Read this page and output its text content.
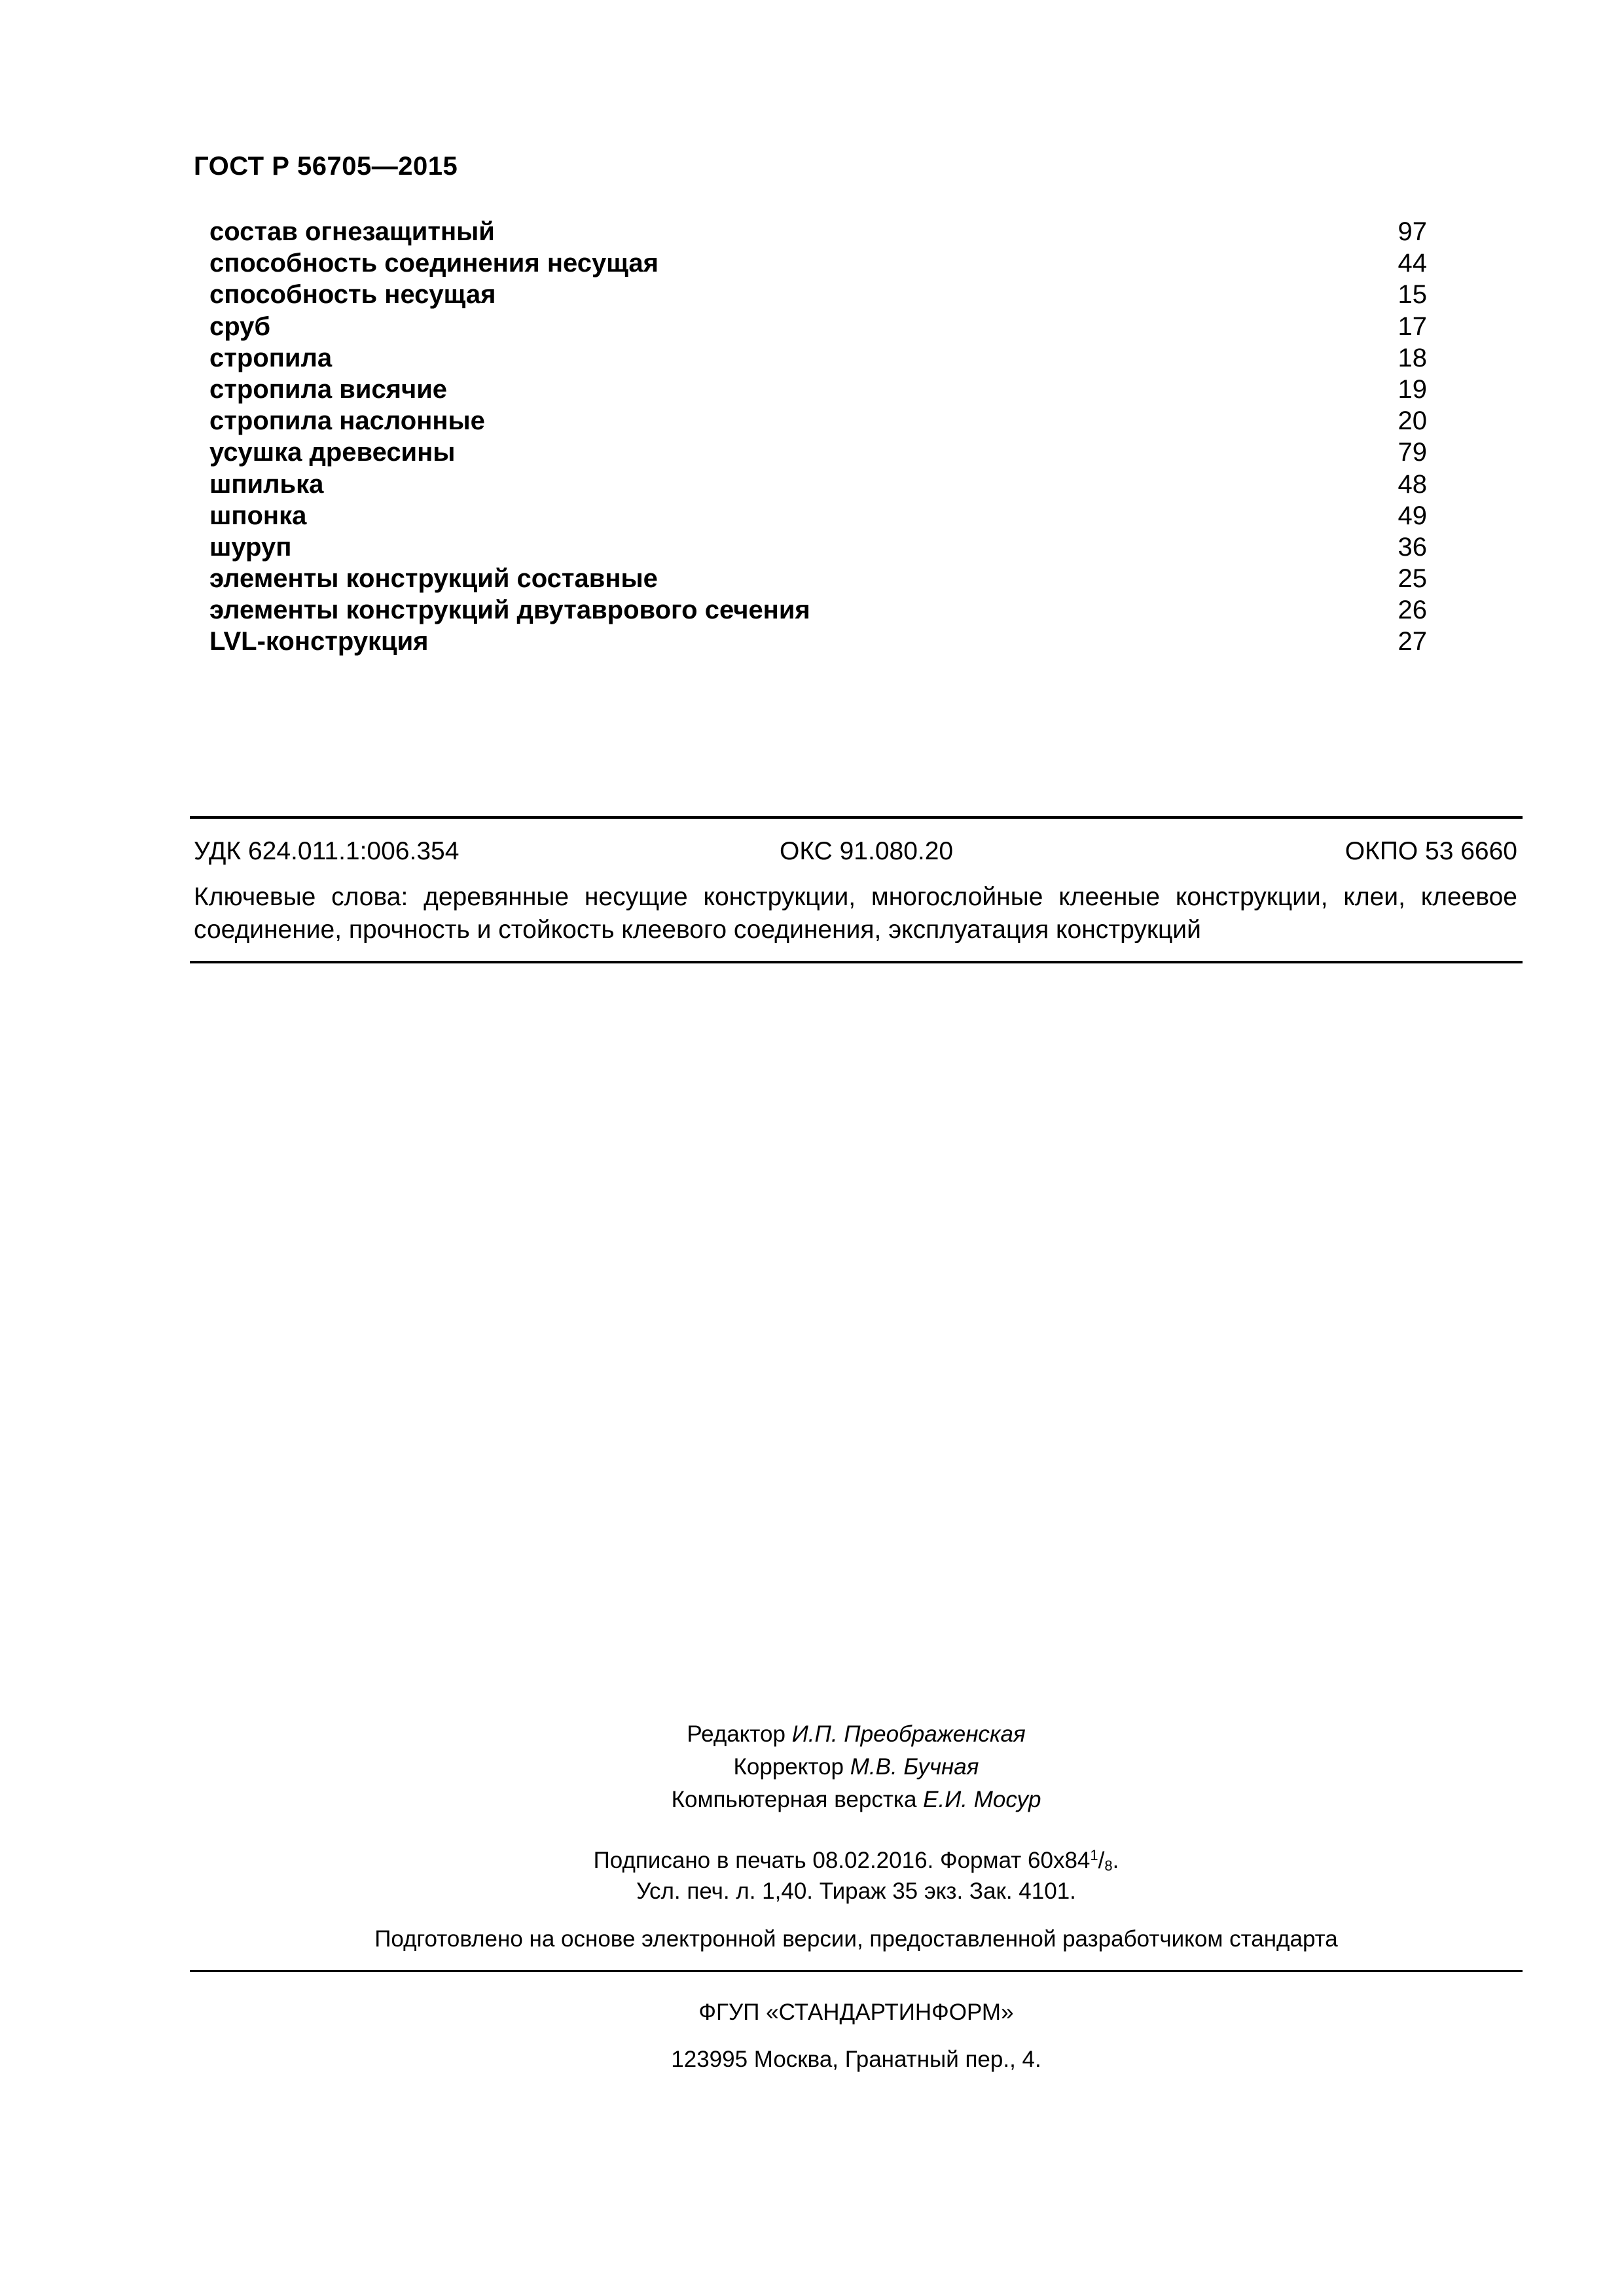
ГОСТ Р 56705—2015
состав огнезащитный	97
способность соединения несущая	44
способность несущая	15
сруб	17
стропила	18
стропила висячие	19
стропила наслонные	20
усушка древесины	79
шпилька	48
шпонка	49
шуруп	36
элементы конструкций составные	25
элементы конструкций двутаврового сечения	26
LVL-конструкция	27
УДК 624.011.1:006.354	ОКС 91.080.20	ОКПО 53 6660
Ключевые слова: деревянные несущие конструкции, многослойные клееные конструкции, клеи, клеевое соединение, прочность и стойкость клеевого соединения, эксплуатация конструкций
Редактор И.П. Преображенская
Корректор М.В. Бучная
Компьютерная верстка Е.И. Мосур
Подписано в печать 08.02.2016. Формат $60х84^1/_8$.
Усл. печ. л. 1,40. Тираж 35 экз. Зак. 4101.
Подготовлено на основе электронной версии, предоставленной разработчиком стандарта
ФГУП «СТАНДАРТИНФОРМ»
123995 Москва, Гранатный пер., 4.
